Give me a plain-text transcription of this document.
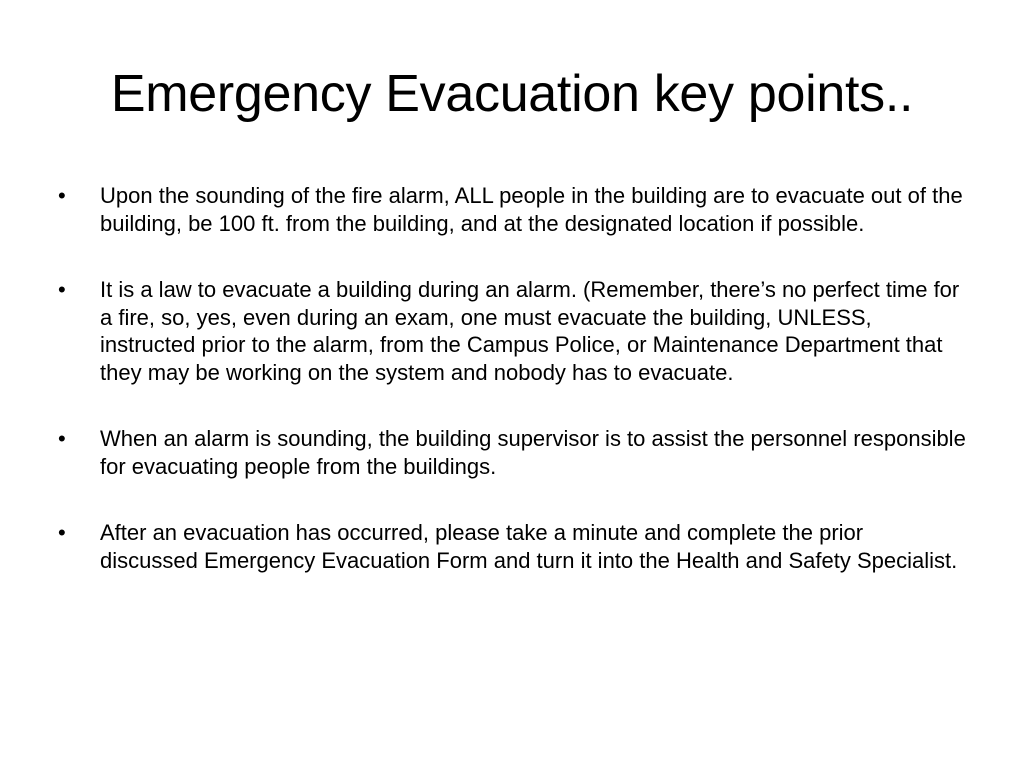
Emergency Evacuation key points..
•	Upon the sounding of the fire alarm, ALL people in the building are to evacuate out of the building, be 100 ft. from the building, and at the designated location if possible.
•	It is a law to evacuate a building during an alarm. (Remember, there’s no perfect time for a fire, so, yes, even during an exam, one must evacuate the building, UNLESS, instructed prior to the alarm, from the Campus Police, or Maintenance Department that they may be working on the system and nobody has to evacuate.
•	When an alarm is sounding, the building supervisor is to assist the personnel responsible for evacuating people from the buildings.
•	After an evacuation has occurred, please take a minute and complete the prior discussed Emergency Evacuation Form and turn it into the Health and Safety Specialist.
